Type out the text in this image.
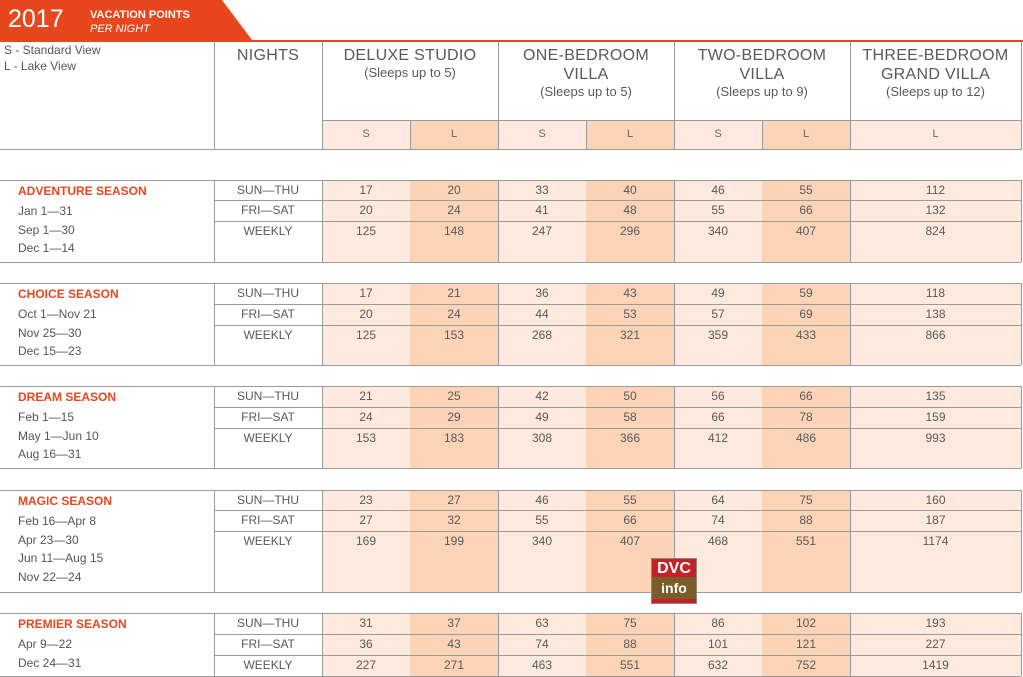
2017 VACATION POINTS
PER NIGHT
S - Standard View
L - Lake View
NIGHTS	DELUXE STUDIO
(Sleeps up to 5)
S	L
ONE-BEDROOM
VILLA
(Sleeps up to 5)
S	L
TWO-BEDROOM
VILLA
(Sleeps up to 9)
S	L
THREE-BEDROOM
GRAND VILLA
(Sleeps up to 12)
L
ADVENTURE SEASON
Jan 1—31
Sep 1—30
Dec 1—14
SUN—THU	17	20	33	40	46	55	112
FRI—SAT	20	24	41	48	55	66	132
WEEKLY	125	148	247	296	340	407	824
CHOICE SEASON
Oct 1—Nov 21
Nov 25—30
Dec 15—23
SUN—THU	17	21	36	43	49	59	118
FRI—SAT	20	24	44	53	57	69	138
WEEKLY	125	153	268	321	359	433	866
DREAM SEASON
Feb 1—15
May 1—Jun 10
Aug 16—31
SUN—THU	21	25	42	50	56	66	135
FRI—SAT	24	29	49	58	66	78	159
WEEKLY	153	183	308	366	412	486	993
MAGIC SEASON
Feb 16—Apr 8
Apr 23—30
Jun 11—Aug 15
Nov 22—24
SUN—THU	23	27	46	55	64	75	160
FRI—SAT	27	32	55	66	74	88	187
WEEKLY	169	199	340	407	468	551	1174
PREMIER SEASON
Apr 9—22
Dec 24—31
SUN—THU	31	37	63	75	86	102	193
FRI—SAT	36	43	74	88	101	121	227
WEEKLY	227	271	463	551	632	752	1419
DVC
info
